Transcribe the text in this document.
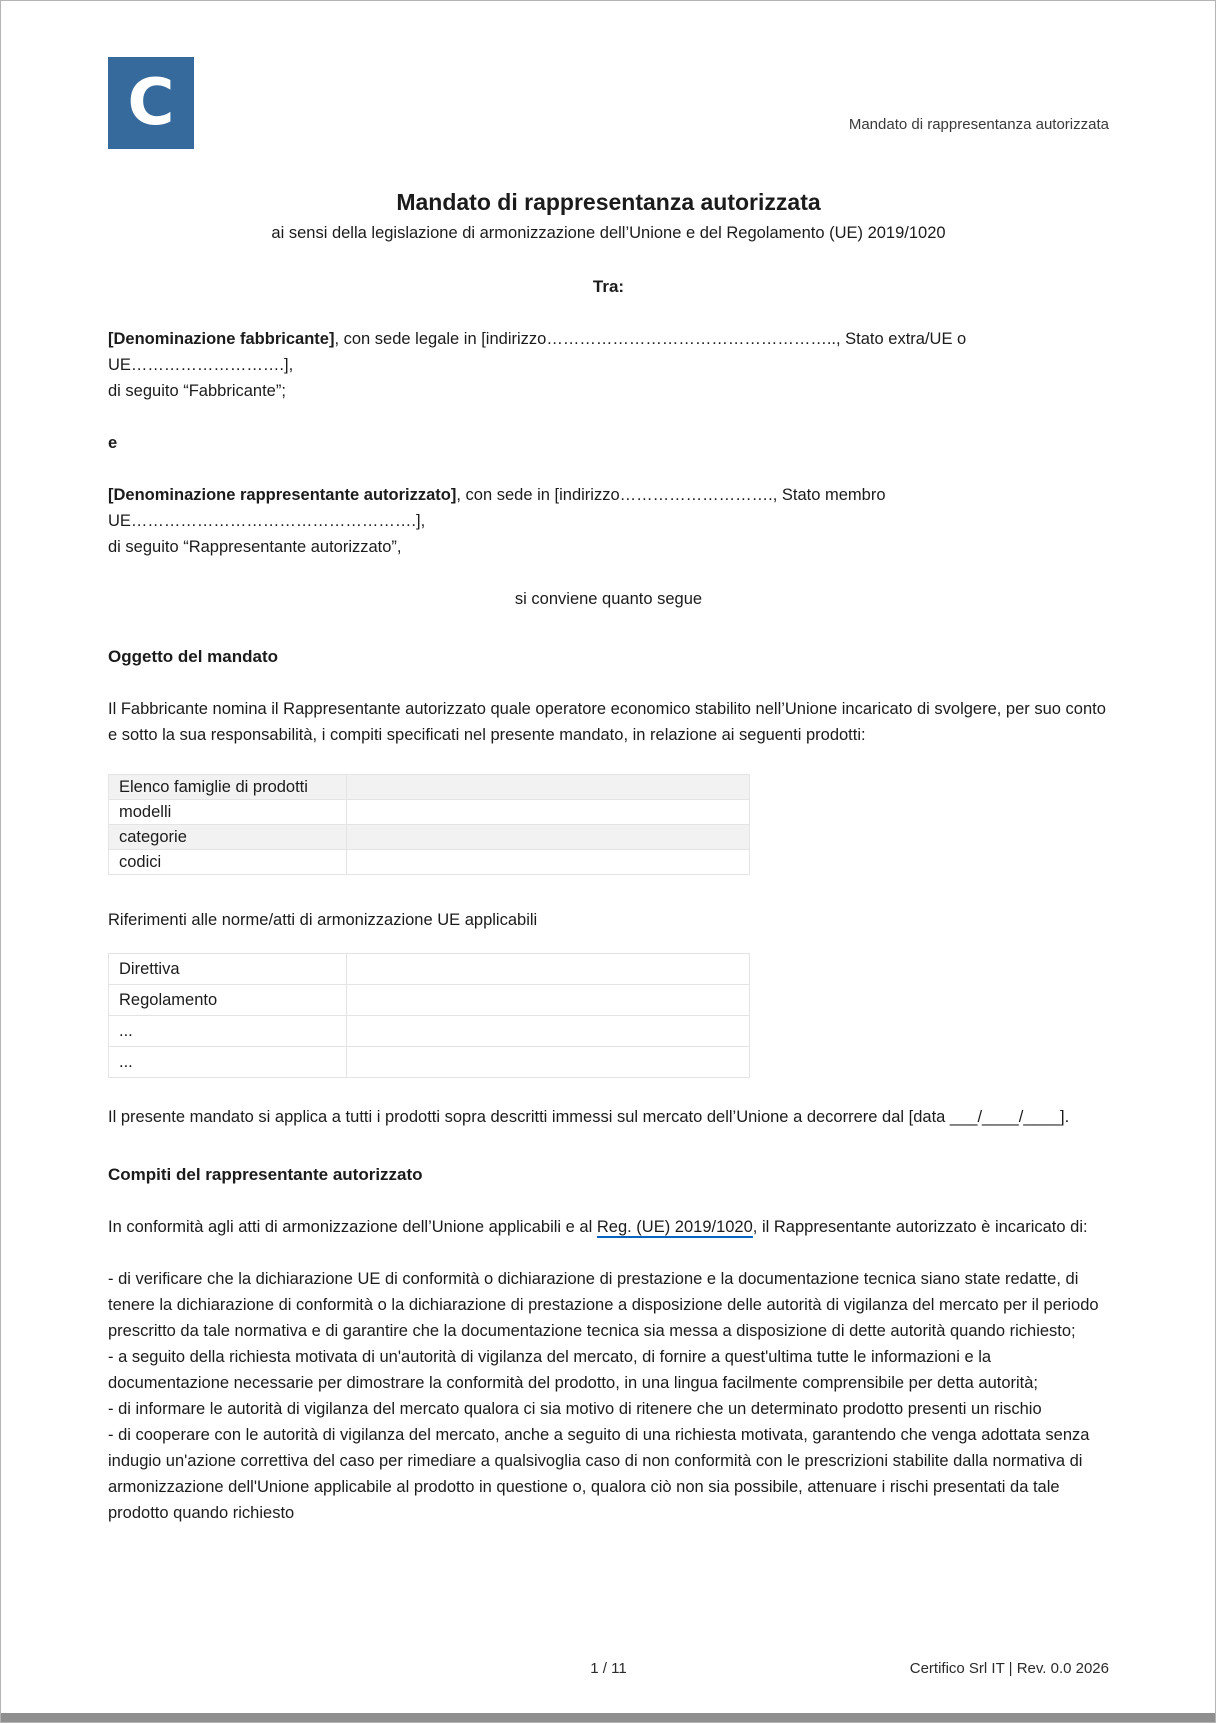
C	Mandato di rappresentanza autorizzata
Mandato di rappresentanza autorizzata
ai sensi della legislazione di armonizzazione dell’Unione e del Regolamento (UE) 2019/1020
Tra:
[Denominazione fabbricante], con sede legale in [indirizzo…………………………………………….., Stato extra/UE o UE……………………….],
di seguito “Fabbricante”;
e
[Denominazione rappresentante autorizzato], con sede in [indirizzo………………………., Stato membro UE…………………………………………….],
di seguito “Rappresentante autorizzato”,
si conviene quanto segue
Oggetto del mandato
Il Fabbricante nomina il Rappresentante autorizzato quale operatore economico stabilito nell’Unione incaricato di svolgere, per suo conto e sotto la sua responsabilità, i compiti specificati nel presente mandato, in relazione ai seguenti prodotti:
Elenco famiglie di prodotti	
modelli	
categorie	
codici	
Riferimenti alle norme/atti di armonizzazione UE applicabili
Direttiva	
Regolamento	
...	
...	
Il presente mandato si applica a tutti i prodotti sopra descritti immessi sul mercato dell’Unione a decorrere dal [data ___/____/____].
Compiti del rappresentante autorizzato
In conformità agli atti di armonizzazione dell’Unione applicabili e al Reg. (UE) 2019/1020, il Rappresentante autorizzato è incaricato di:
- di verificare che la dichiarazione UE di conformità o dichiarazione di prestazione e la documentazione tecnica siano state redatte, di tenere la dichiarazione di conformità o la dichiarazione di prestazione a disposizione delle autorità di vigilanza del mercato per il periodo prescritto da tale normativa e di garantire che la documentazione tecnica sia messa a disposizione di dette autorità quando richiesto;
- a seguito della richiesta motivata di un'autorità di vigilanza del mercato, di fornire a quest'ultima tutte le informazioni e la documentazione necessarie per dimostrare la conformità del prodotto, in una lingua facilmente comprensibile per detta autorità;
- di informare le autorità di vigilanza del mercato qualora ci sia motivo di ritenere che un determinato prodotto presenti un rischio
- di cooperare con le autorità di vigilanza del mercato, anche a seguito di una richiesta motivata, garantendo che venga adottata senza indugio un'azione correttiva del caso per rimediare a qualsivoglia caso di non conformità con le prescrizioni stabilite dalla normativa di armonizzazione dell'Unione applicabile al prodotto in questione o, qualora ciò non sia possibile, attenuare i rischi presentati da tale prodotto quando richiesto
1 / 11	Certifico Srl IT | Rev. 0.0 2026
